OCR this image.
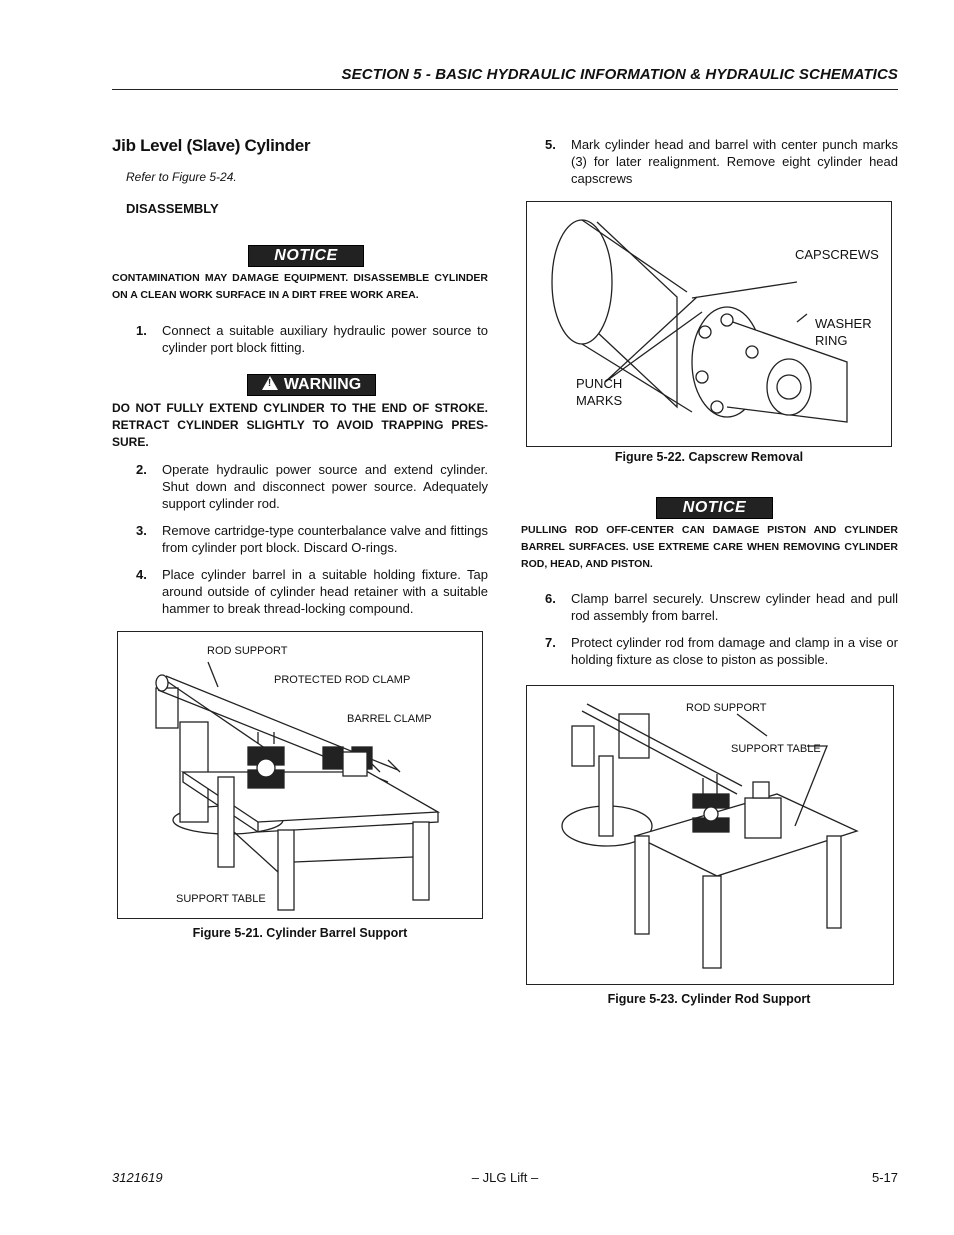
SECTION 5 - BASIC HYDRAULIC INFORMATION & HYDRAULIC SCHEMATICS
Jib Level (Slave) Cylinder
Refer to Figure 5-24.
DISASSEMBLY
NOTICE
CONTAMINATION MAY DAMAGE EQUIPMENT. DISASSEMBLE CYLINDER ON A CLEAN WORK SURFACE IN A DIRT FREE WORK AREA.
1. Connect a suitable auxiliary hydraulic power source to cylinder port block fitting.
! WARNING
DO NOT FULLY EXTEND CYLINDER TO THE END OF STROKE. RETRACT CYLINDER SLIGHTLY TO AVOID TRAPPING PRES-SURE.
2. Operate hydraulic power source and extend cylinder. Shut down and disconnect power source. Adequately support cylinder rod.
3. Remove cartridge-type counterbalance valve and fittings from cylinder port block. Discard O-rings.
4. Place cylinder barrel in a suitable holding fixture. Tap around outside of cylinder head retainer with a suitable hammer to break thread-locking compound.
ROD SUPPORT
PROTECTED ROD CLAMP
BARREL CLAMP
SUPPORT TABLE
Figure 5-21. Cylinder Barrel Support
5. Mark cylinder head and barrel with center punch marks (3) for later realignment. Remove eight cylinder head capscrews
CAPSCREWS
WASHER
RING
PUNCH
MARKS
Figure 5-22. Capscrew Removal
NOTICE
PULLING ROD OFF-CENTER CAN DAMAGE PISTON AND CYLINDER BARREL SURFACES. USE EXTREME CARE WHEN REMOVING CYLINDER ROD, HEAD, AND PISTON.
6. Clamp barrel securely. Unscrew cylinder head and pull rod assembly from barrel.
7. Protect cylinder rod from damage and clamp in a vise or holding fixture as close to piston as possible.
ROD SUPPORT
SUPPORT TABLE
Figure 5-23. Cylinder Rod Support
3121619	– JLG Lift –	5-17
